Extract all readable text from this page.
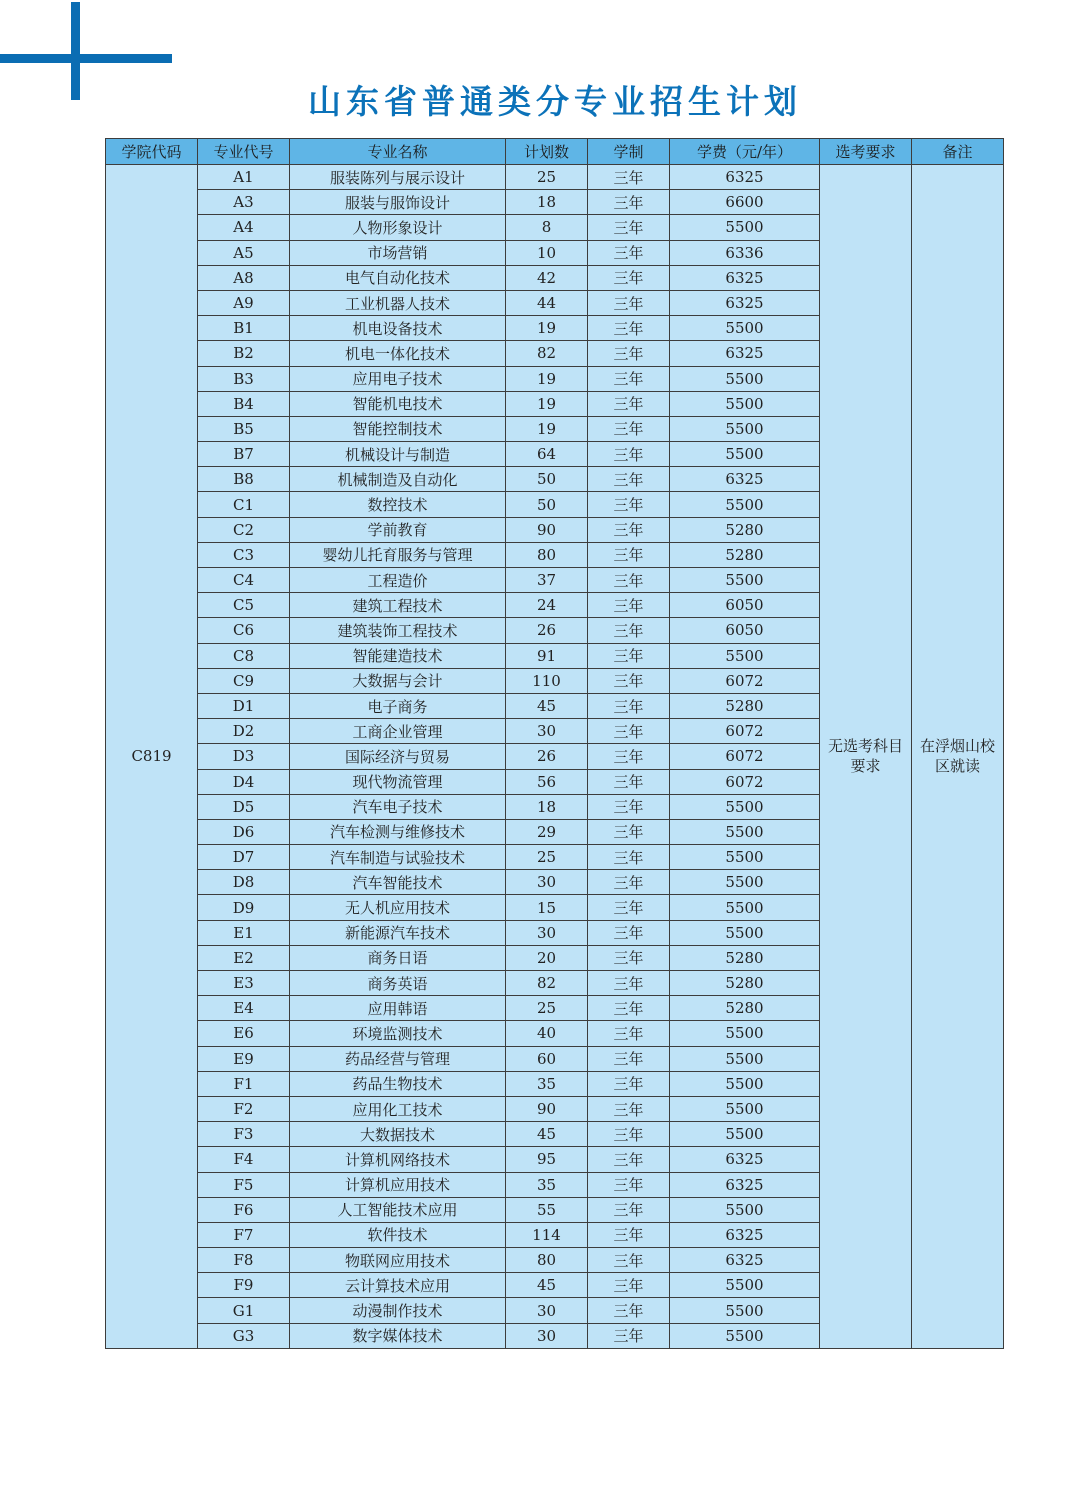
山东省普通类分专业招生计划
学院代码	专业代号	专业名称	计划数	学制	学费（元/年）	选考要求	备注
C819	A1	服装陈列与展示设计	25	三年	6325	无选考科目要求	在浮烟山校区就读
	A3	服装与服饰设计	18	三年	6600		
	A4	人物形象设计	8	三年	5500		
	A5	市场营销	10	三年	6336		
	A8	电气自动化技术	42	三年	6325		
	A9	工业机器人技术	44	三年	6325		
	B1	机电设备技术	19	三年	5500		
	B2	机电一体化技术	82	三年	6325		
	B3	应用电子技术	19	三年	5500		
	B4	智能机电技术	19	三年	5500		
	B5	智能控制技术	19	三年	5500		
	B7	机械设计与制造	64	三年	5500		
	B8	机械制造及自动化	50	三年	6325		
	C1	数控技术	50	三年	5500		
	C2	学前教育	90	三年	5280		
	C3	婴幼儿托育服务与管理	80	三年	5280		
	C4	工程造价	37	三年	5500		
	C5	建筑工程技术	24	三年	6050		
	C6	建筑装饰工程技术	26	三年	6050		
	C8	智能建造技术	91	三年	5500		
	C9	大数据与会计	110	三年	6072		
	D1	电子商务	45	三年	5280		
	D2	工商企业管理	30	三年	6072		
	D3	国际经济与贸易	26	三年	6072		
	D4	现代物流管理	56	三年	6072		
	D5	汽车电子技术	18	三年	5500		
	D6	汽车检测与维修技术	29	三年	5500		
	D7	汽车制造与试验技术	25	三年	5500		
	D8	汽车智能技术	30	三年	5500		
	D9	无人机应用技术	15	三年	5500		
	E1	新能源汽车技术	30	三年	5500		
	E2	商务日语	20	三年	5280		
	E3	商务英语	82	三年	5280		
	E4	应用韩语	25	三年	5280		
	E6	环境监测技术	40	三年	5500		
	E9	药品经营与管理	60	三年	5500		
	F1	药品生物技术	35	三年	5500		
	F2	应用化工技术	90	三年	5500		
	F3	大数据技术	45	三年	5500		
	F4	计算机网络技术	95	三年	6325		
	F5	计算机应用技术	35	三年	6325		
	F6	人工智能技术应用	55	三年	5500		
	F7	软件技术	114	三年	6325		
	F8	物联网应用技术	80	三年	6325		
	F9	云计算技术应用	45	三年	5500		
	G1	动漫制作技术	30	三年	5500		
	G3	数字媒体技术	30	三年	5500		
